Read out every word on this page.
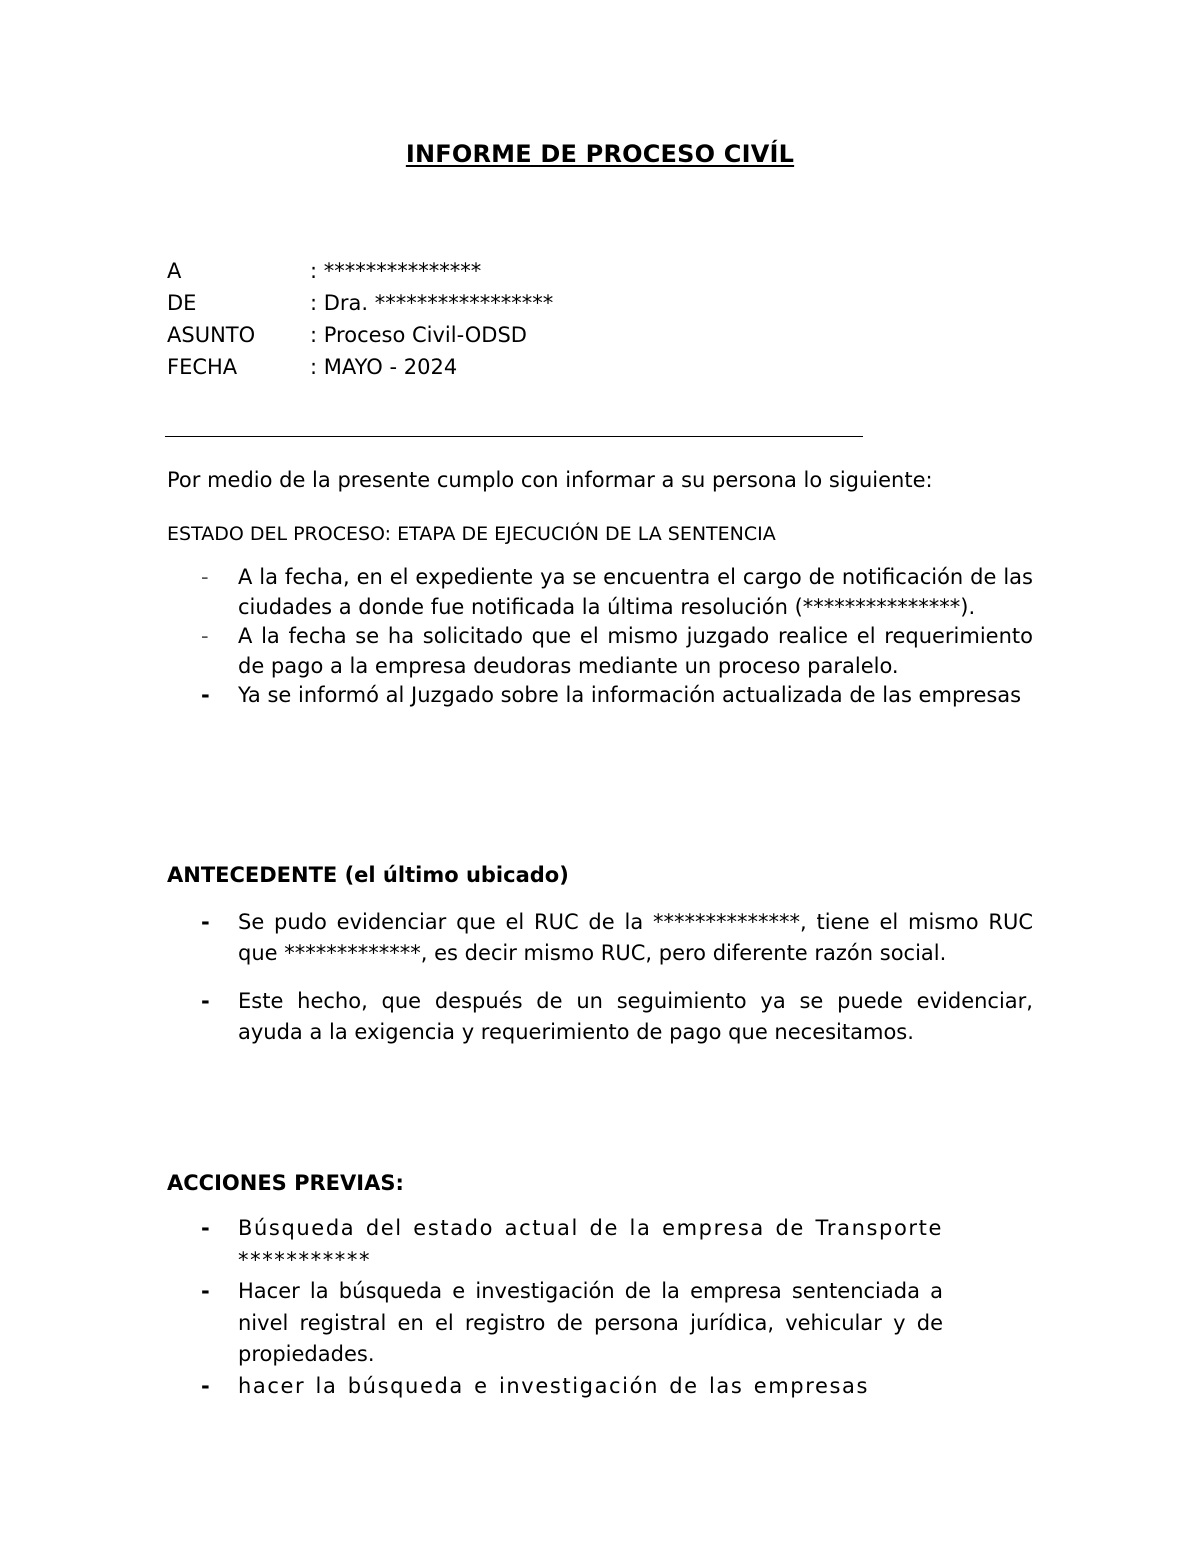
INFORME DE PROCESO CIVÍL
A	: ***************
DE	: Dra. *****************
ASUNTO	: Proceso Civil-ODSD
FECHA	: MAYO - 2024
Por medio de la presente cumplo con informar a su persona lo siguiente:
ESTADO DEL PROCESO: ETAPA DE EJECUCIÓN DE LA SENTENCIA
- A la fecha, en el expediente ya se encuentra el cargo de notificación de las ciudades a donde fue notificada la última resolución (***************).
- A la fecha se ha solicitado que el mismo juzgado realice el requerimiento de pago a la empresa deudoras mediante un proceso paralelo.
- Ya se informó al Juzgado sobre la información actualizada de las empresas
ANTECEDENTE (el último ubicado)
- Se pudo evidenciar que el RUC de la **************, tiene el mismo RUC que *************, es decir mismo RUC, pero diferente razón social.
- Este hecho, que después de un seguimiento ya se puede evidenciar, ayuda a la exigencia y requerimiento de pago que necesitamos.
ACCIONES PREVIAS:
- Búsqueda del estado actual de la empresa de Transporte ***********
- Hacer la búsqueda e investigación de la empresa sentenciada a nivel registral en el registro de persona jurídica, vehicular y de propiedades.
- hacer la búsqueda e investigación de las empresas
